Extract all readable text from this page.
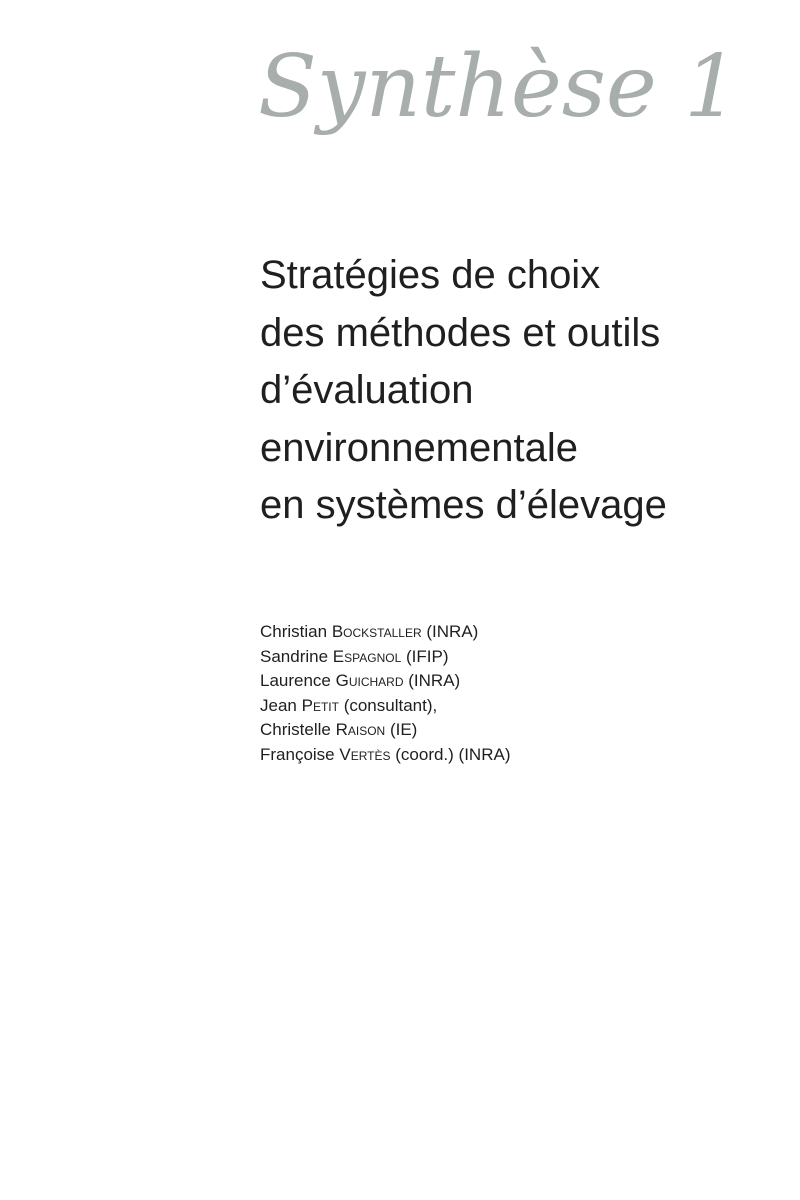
Synthèse 1
Stratégies de choix
des méthodes et outils
d’évaluation
environnementale
en systèmes d’élevage
Christian Bockstaller (INRA)
Sandrine Espagnol (IFIP)
Laurence Guichard (INRA)
Jean Petit (consultant),
Christelle Raison (IE)
Françoise Vertès (coord.) (INRA)
